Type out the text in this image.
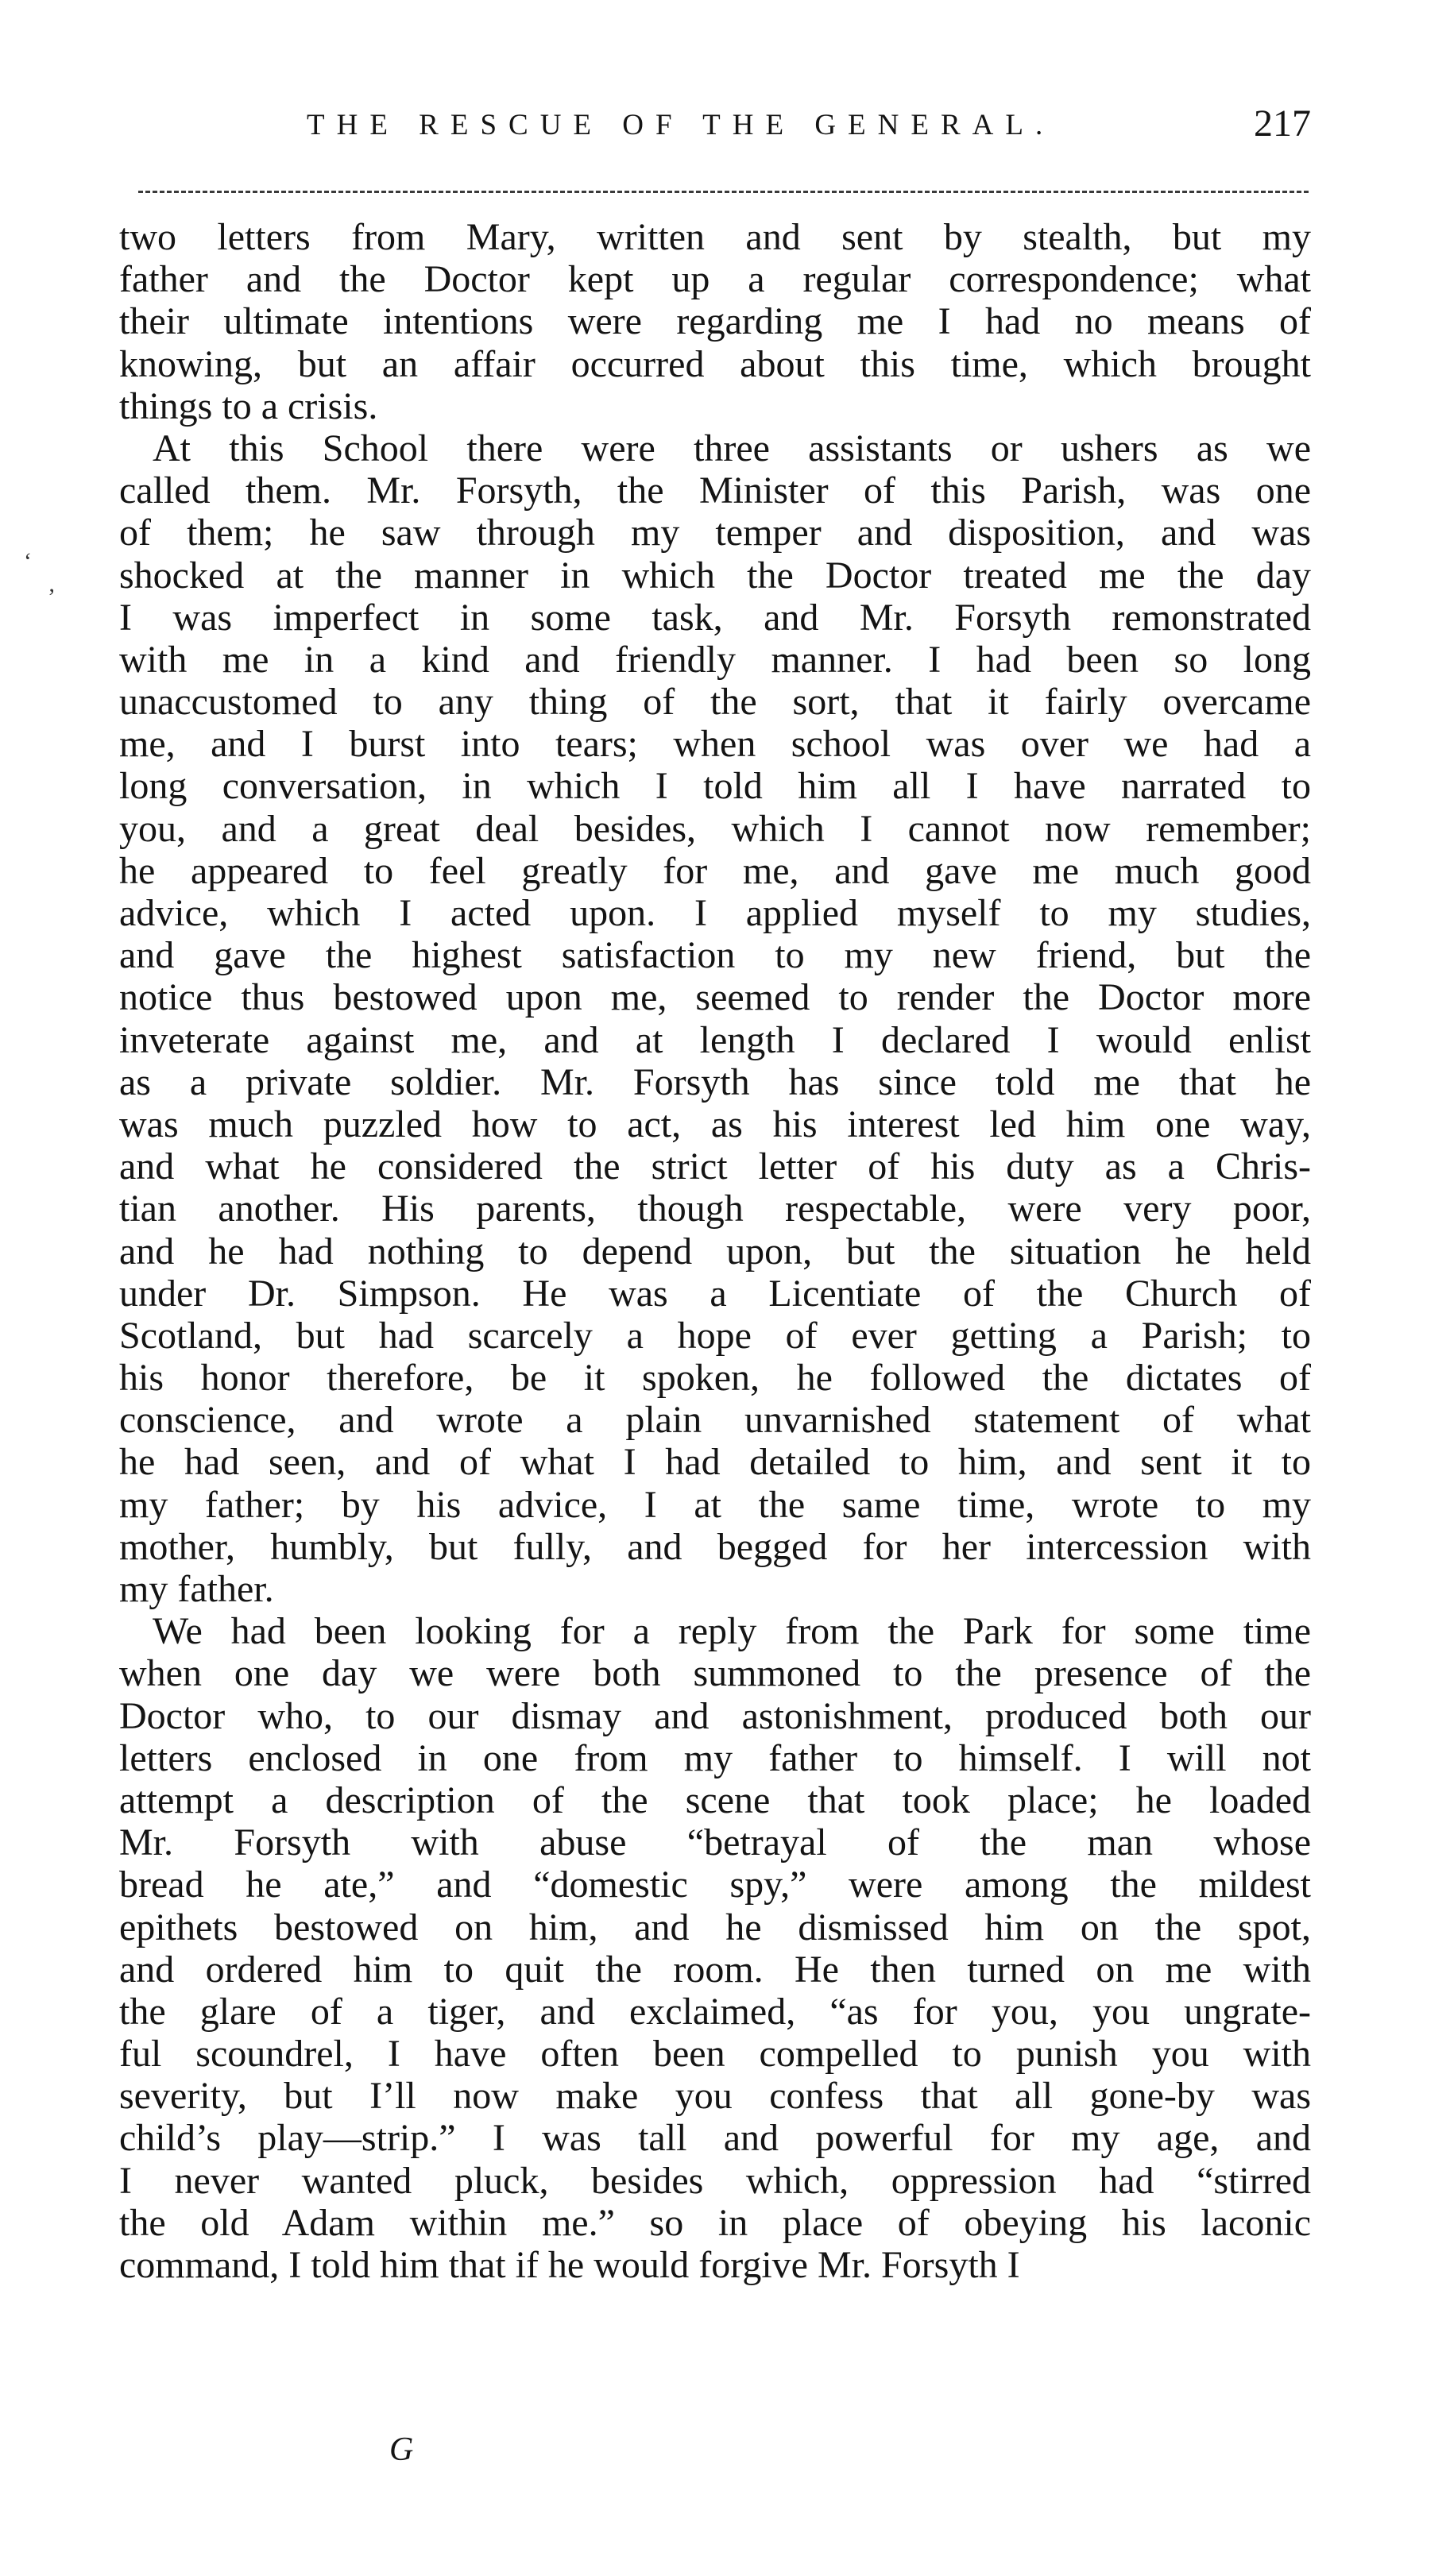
THE RESCUE OF THE GENERAL.	217
‘
’
two letters from Mary, written and sent by stealth, but my
father and the Doctor kept up a regular correspondence; what
their ultimate intentions were regarding me I had no means of
knowing, but an affair occurred about this time, which brought
things to a crisis.
At this School there were three assistants or ushers as we
called them. Mr. Forsyth, the Minister of this Parish, was one
of them; he saw through my temper and disposition, and was
shocked at the manner in which the Doctor treated me the day
I was imperfect in some task, and Mr. Forsyth remonstrated
with me in a kind and friendly manner. I had been so long
unaccustomed to any thing of the sort, that it fairly overcame
me, and I burst into tears; when school was over we had a
long conversation, in which I told him all I have narrated to
you, and a great deal besides, which I cannot now remember;
he appeared to feel greatly for me, and gave me much good
advice, which I acted upon. I applied myself to my studies,
and gave the highest satisfaction to my new friend, but the
notice thus bestowed upon me, seemed to render the Doctor more
inveterate against me, and at length I declared I would enlist
as a private soldier. Mr. Forsyth has since told me that he
was much puzzled how to act, as his interest led him one way,
and what he considered the strict letter of his duty as a Chris-
tian another. His parents, though respectable, were very poor,
and he had nothing to depend upon, but the situation he held
under Dr. Simpson. He was a Licentiate of the Church of
Scotland, but had scarcely a hope of ever getting a Parish; to
his honor therefore, be it spoken, he followed the dictates of
conscience, and wrote a plain unvarnished statement of what
he had seen, and of what I had detailed to him, and sent it to
my father; by his advice, I at the same time, wrote to my
mother, humbly, but fully, and begged for her intercession with
my father.
We had been looking for a reply from the Park for some time
when one day we were both summoned to the presence of the
Doctor who, to our dismay and astonishment, produced both our
letters enclosed in one from my father to himself. I will not
attempt a description of the scene that took place; he loaded
Mr. Forsyth with abuse “betrayal of the man whose
bread he ate,” and “domestic spy,” were among the mildest
epithets bestowed on him, and he dismissed him on the spot,
and ordered him to quit the room. He then turned on me with
the glare of a tiger, and exclaimed, “as for you, you ungrate-
ful scoundrel, I have often been compelled to punish you with
severity, but I’ll now make you confess that all gone-by was
child’s play—strip.” I was tall and powerful for my age, and
I never wanted pluck, besides which, oppression had “stirred
the old Adam within me.” so in place of obeying his laconic
command, I told him that if he would forgive Mr. Forsyth I
G
